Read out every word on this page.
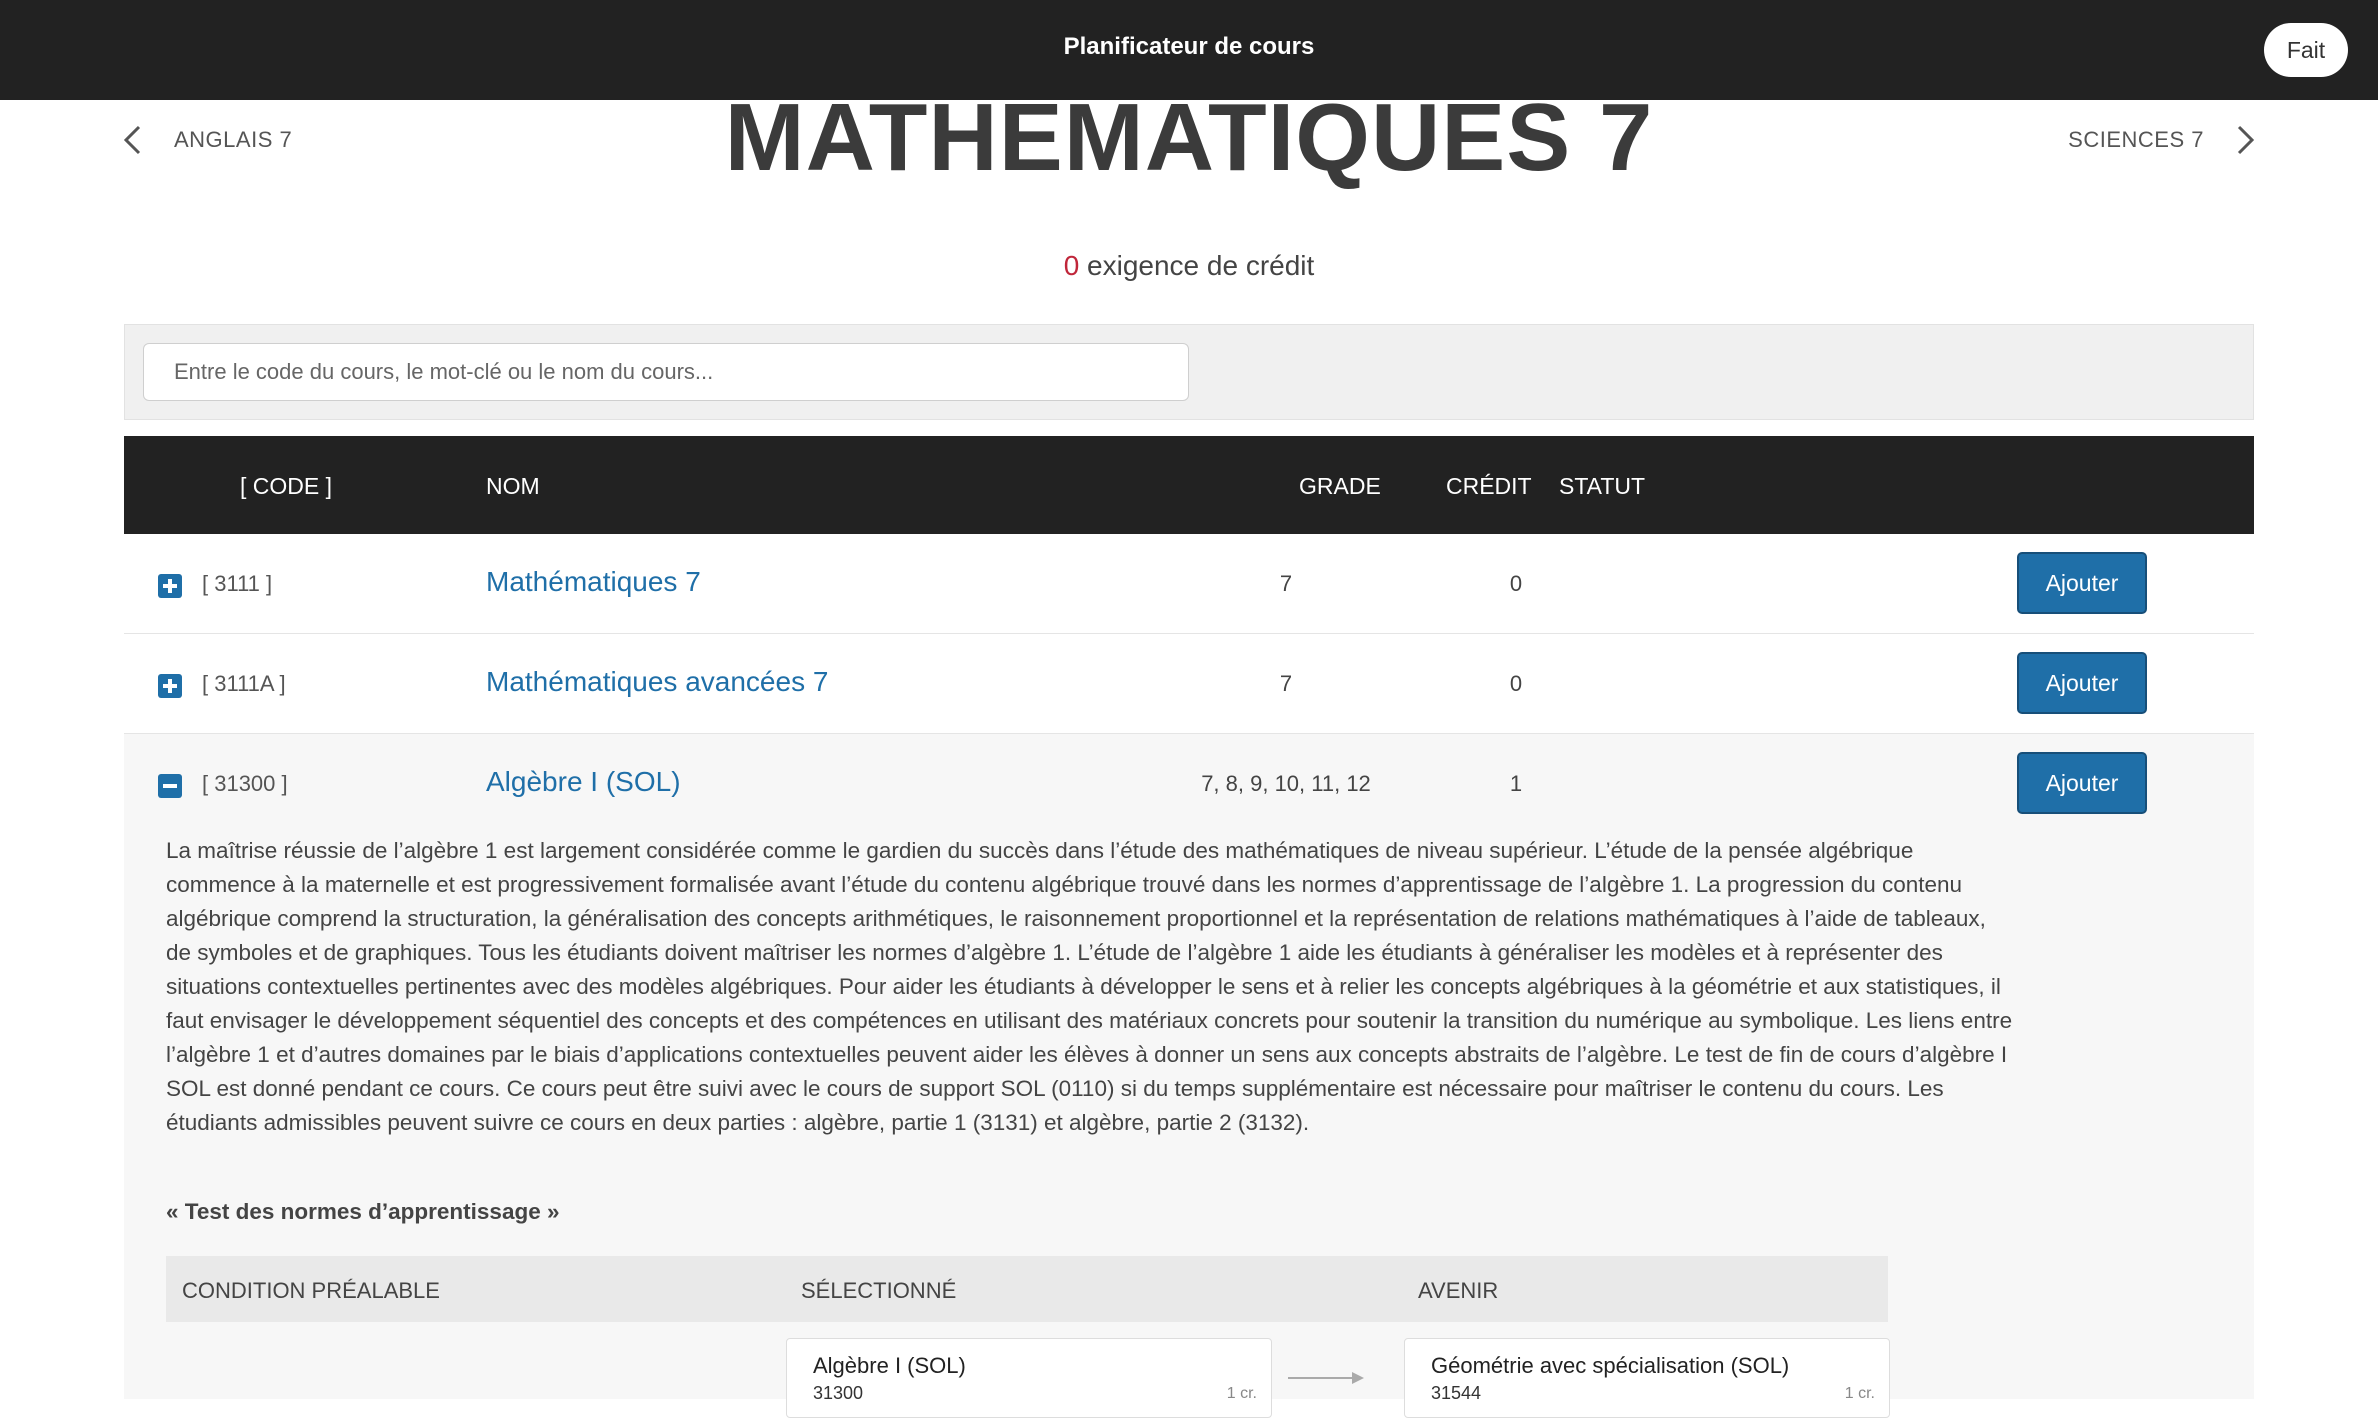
Planificateur de cours	Fait
ANGLAIS 7	MATHEMATIQUES 7	SCIENCES 7
0 exigence de crédit
Entre le code du cours, le mot-clé ou le nom du cours...
[ CODE ]	NOM	GRADE	CRÉDIT STATUT
[ 3111 ]	Mathématiques 7	7	0	Ajouter
[ 3111A ]	Mathématiques avancées 7	7	0	Ajouter
[ 31300 ]	Algèbre I (SOL)	7, 8, 9, 10, 11, 12	1	Ajouter

La maîtrise réussie de l’algèbre 1 est largement considérée comme le gardien du succès dans l’étude des mathématiques de niveau supérieur. L’étude de la pensée algébrique commence à la maternelle et est progressivement formalisée avant l’étude du contenu algébrique trouvé dans les normes d’apprentissage de l’algèbre 1. La progression du contenu algébrique comprend la structuration, la généralisation des concepts arithmétiques, le raisonnement proportionnel et la représentation de relations mathématiques à l’aide de tableaux, de symboles et de graphiques. Tous les étudiants doivent maîtriser les normes d’algèbre 1. L’étude de l’algèbre 1 aide les étudiants à généraliser les modèles et à représenter des situations contextuelles pertinentes avec des modèles algébriques. Pour aider les étudiants à développer le sens et à relier les concepts algébriques à la géométrie et aux statistiques, il faut envisager le développement séquentiel des concepts et des compétences en utilisant des matériaux concrets pour soutenir la transition du numérique au symbolique. Les liens entre l’algèbre 1 et d’autres domaines par le biais d’applications contextuelles peuvent aider les élèves à donner un sens aux concepts abstraits de l’algèbre. Le test de fin de cours d’algèbre I SOL est donné pendant ce cours. Ce cours peut être suivi avec le cours de support SOL (0110) si du temps supplémentaire est nécessaire pour maîtriser le contenu du cours. Les étudiants admissibles peuvent suivre ce cours en deux parties : algèbre, partie 1 (3131) et algèbre, partie 2 (3132).

« Test des normes d’apprentissage »
CONDITION PRÉALABLE	SÉLECTIONNÉ	AVENIR
Algèbre I (SOL)
31300	1 cr.
Géométrie avec spécialisation (SOL)
31544	1 cr.
